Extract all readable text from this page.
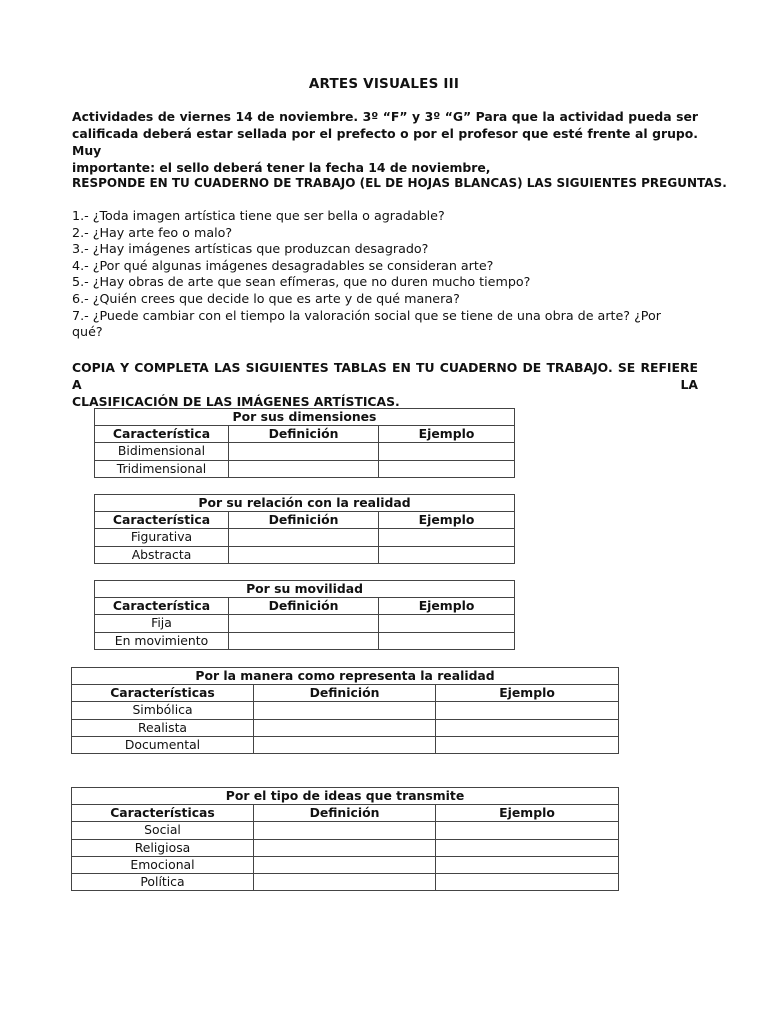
ARTES VISUALES III
Actividades de viernes 14 de noviembre. 3º “F” y 3º “G” Para que la actividad pueda ser
calificada deberá estar sellada por el prefecto o por el profesor que esté frente al grupo. Muy
importante: el sello deberá tener la fecha 14 de noviembre,
RESPONDE EN TU CUADERNO DE TRABAJO (EL DE HOJAS BLANCAS) LAS SIGUIENTES PREGUNTAS.
1.- ¿Toda imagen artística tiene que ser bella o agradable?
2.- ¿Hay arte feo o malo?
3.- ¿Hay imágenes artísticas que produzcan desagrado?
4.- ¿Por qué algunas imágenes desagradables se consideran arte?
5.- ¿Hay obras de arte que sean efímeras, que no duren mucho tiempo?
6.- ¿Quién crees que decide lo que es arte y de qué manera?
7.- ¿Puede cambiar con el tiempo la valoración social que se tiene de una obra de arte? ¿Por
qué?
COPIA Y COMPLETA LAS SIGUIENTES TABLAS EN TU CUADERNO DE TRABAJO. SE REFIERE A LA
CLASIFICACIÓN DE LAS IMÁGENES ARTÍSTICAS.
Por sus dimensiones		
Característica	Definición	Ejemplo
Bidimensional		
Tridimensional		
Por su relación con la realidad		
Característica	Definición	Ejemplo
Figurativa		
Abstracta		
Por su movilidad		
Característica	Definición	Ejemplo
Fija		
En movimiento		
Por la manera como representa la realidad		
Características	Definición	Ejemplo
Simbólica		
Realista		
Documental		
Por el tipo de ideas que transmite		
Características	Definición	Ejemplo
Social		
Religiosa		
Emocional		
Política		
